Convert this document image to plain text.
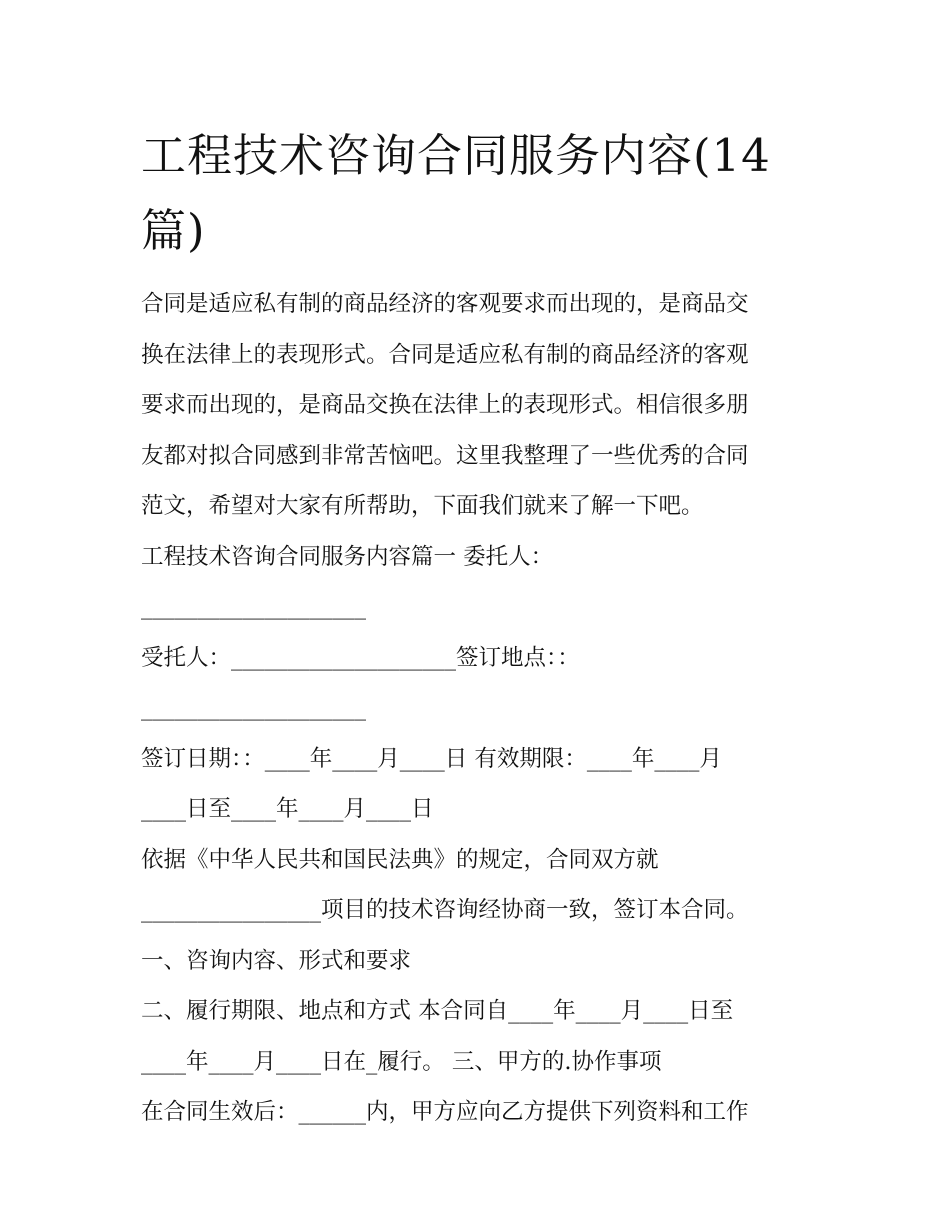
工程技术咨询合同服务内容(14
篇)
合同是适应私有制的商品经济的客观要求而出现的，是商品交
换在法律上的表现形式。合同是适应私有制的商品经济的客观
要求而出现的，是商品交换在法律上的表现形式。相信很多朋
友都对拟合同感到非常苦恼吧。这里我整理了一些优秀的合同
范文，希望对大家有所帮助，下面我们就来了解一下吧。
工程技术咨询合同服务内容篇一 委托人：
____________________
受托人：____________________签订地点：：
____________________
签订日期：：____年____月____日 有效期限：____年____月
____日至____年____月____日
依据《中华人民共和国民法典》的规定，合同双方就
________________项目的技术咨询经协商一致，签订本合同。
一、咨询内容、形式和要求
二、履行期限、地点和方式 本合同自____年____月____日至
____年____月____日在_履行。 三、甲方的.协作事项
在合同生效后：______内，甲方应向乙方提供下列资料和工作
